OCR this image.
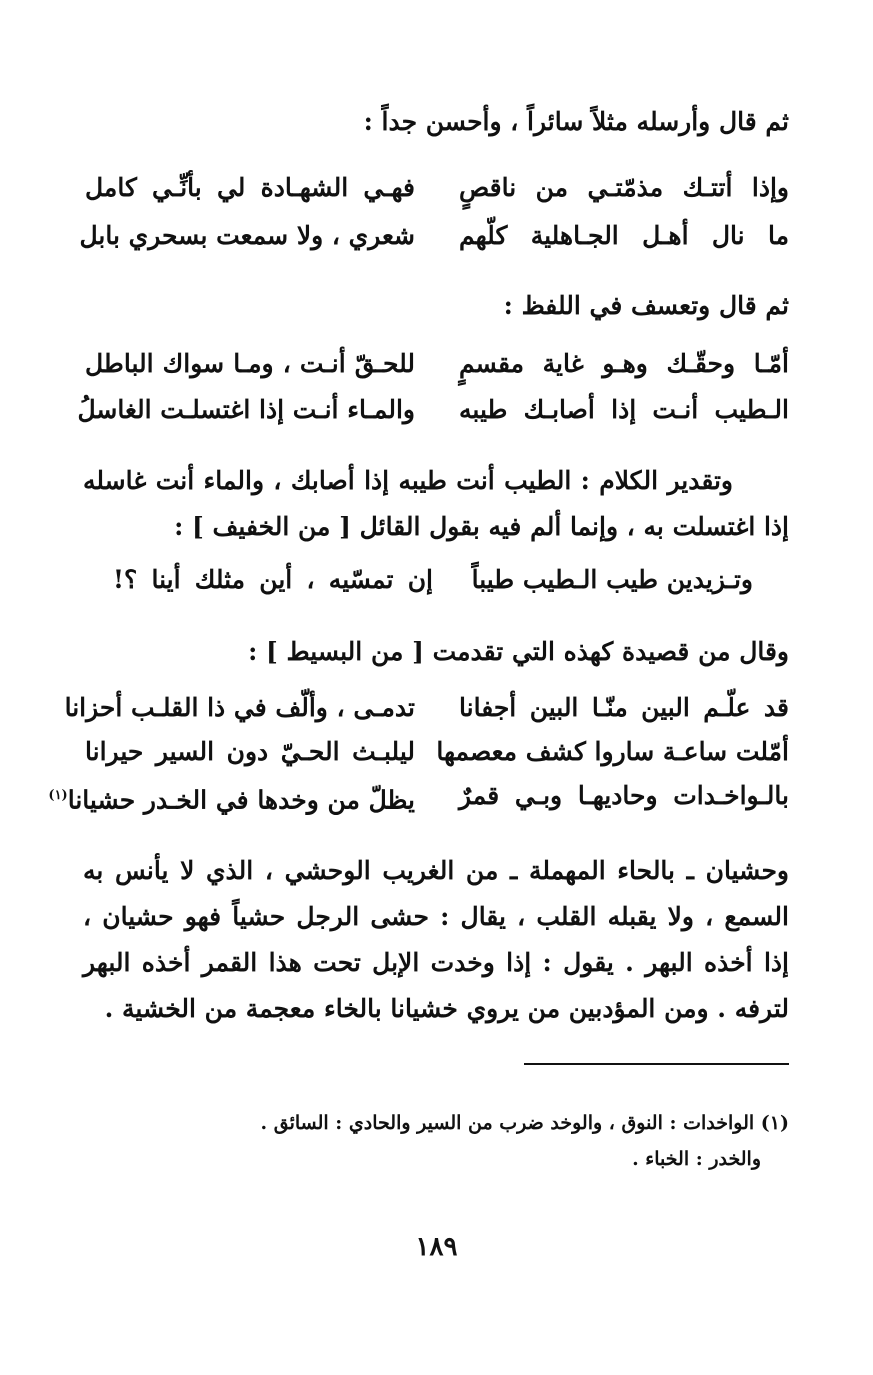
ثم قال وأرسله مثلاً سائراً ، وأحسن جداً :
وإذا أتتـك مذمّتـي من ناقصٍ
فهـي الشهـادة لي بأنِّـي كامل
ما نال أهـل الجـاهلية كلّهم
شعري ، ولا سمعت بسحري بابل
ثم قال وتعسف في اللفظ :
أمّـا وحقّـك وهـو غاية مقسمٍ
للحـقّ أنـت ، ومـا سواك الباطل
الـطيب أنـت إذا أصابـك طيبه
والمـاء أنـت إذا اغتسلـت الغاسلُ

وتقدير الكلام : الطيب أنت طيبه إذا أصابك ، والماء أنت غاسله إذا اغتسلت به ، وإنما ألم فيه بقول القائل [ من الخفيف ] :

وتـزيدين طيب الـطيب طيباً
إن تمسّيه ، أين مثلك أينا ؟!
وقال من قصيدة كهذه التي تقدمت [ من البسيط ] :
قد علّـم البين منّـا البين أجفانا
تدمـى ، وألّف في ذا القلـب أحزانا
أمّلت ساعـة ساروا كشف معصمها
ليلبـث الحـيّ دون السير حيرانا
بالـواخـدات وحاديهـا وبـي قمرٌ
يظلّ من وخدها في الخـدر حشيانا$^{(١)}$

وحشيان ـ بالحاء المهملة ـ من الغريب الوحشي ، الذي لا يأنس به السمع ، ولا يقبله القلب ، يقال : حشى الرجل حشياً فهو حشيان ، إذا أخذه البهر . يقول : إذا وخدت الإبل تحت هذا القمر أخذه البهر لترفه . ومن المؤدبين من يروي خشيانا بالخاء معجمة من الخشية .

(١) الواخدات : النوق ، والوخد ضرب من السير والحادي : السائق .
والخدر : الخباء .
١٨٩
